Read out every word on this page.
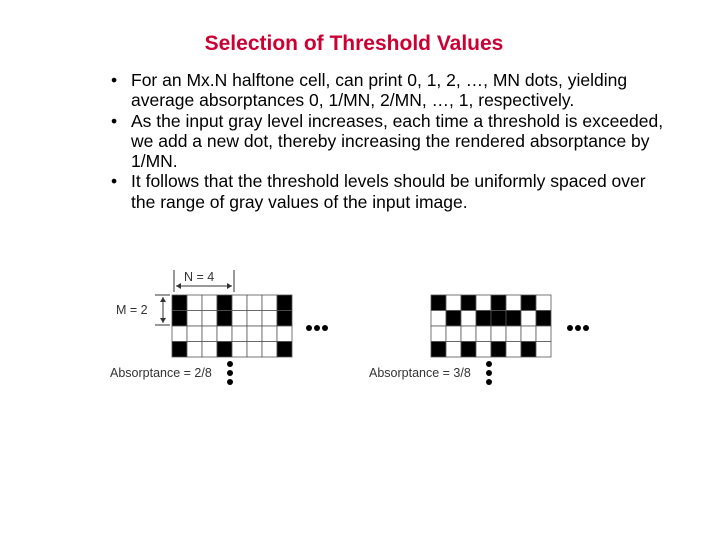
Selection of Threshold Values
• For an Mx.N halftone cell, can print 0, 1, 2, …, MN dots, yielding average absorptances 0, 1/MN, 2/MN, …, 1, respectively.
• As the input gray level increases, each time a threshold is exceeded, we add a new dot, thereby increasing the rendered absorptance by 1/MN.
• It follows that the threshold levels should be uniformly spaced over the range of gray values of the input image.
N = 4
M = 2
Absorptance = 2/8	Absorptance = 3/8
